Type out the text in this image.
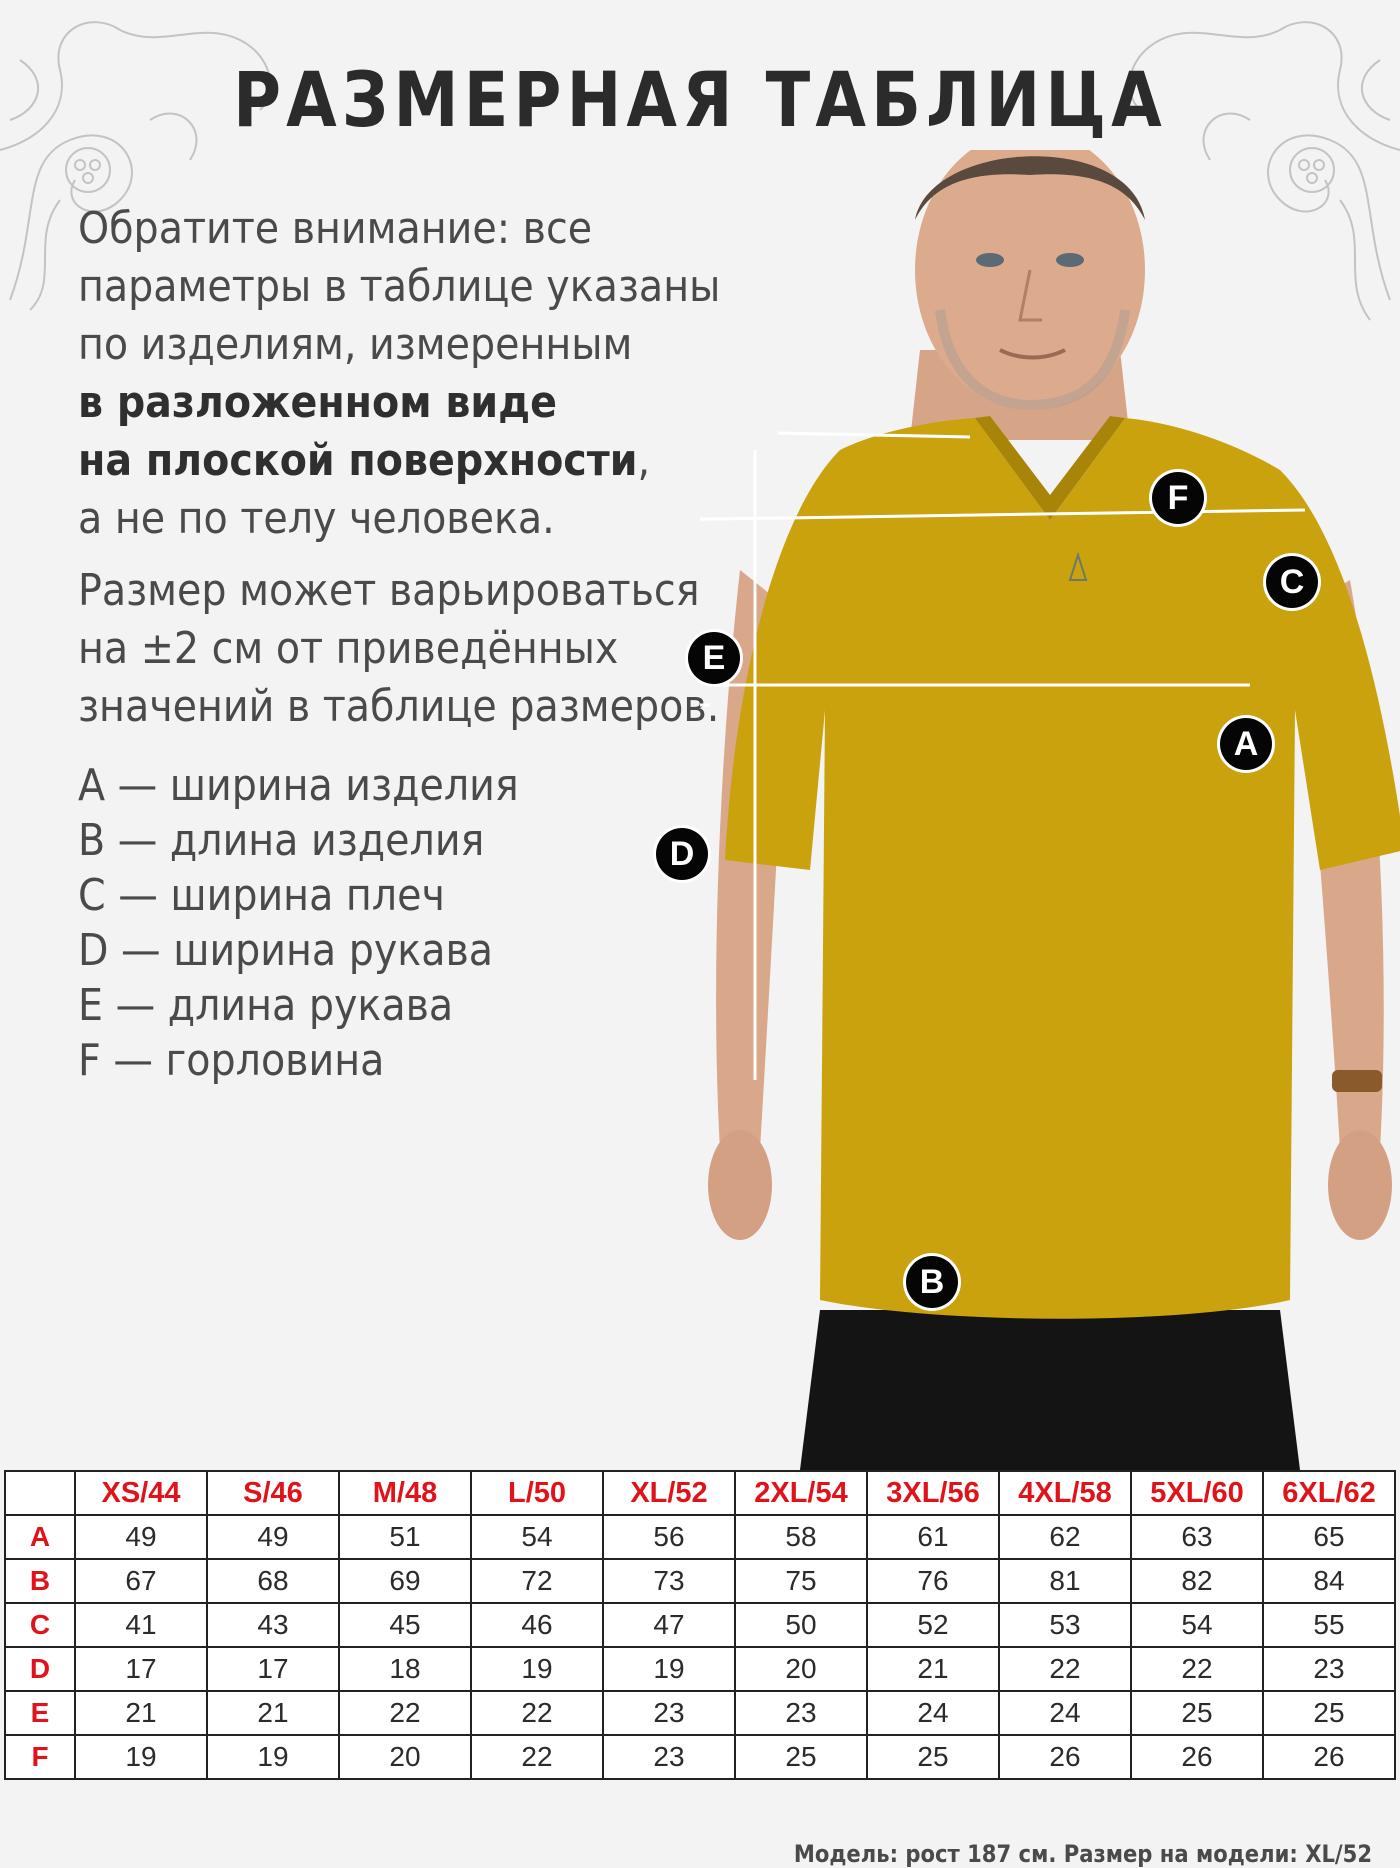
РАЗМЕРНАЯ ТАБЛИЦА

Обратите внимание: все

параметры в таблице указаны

по изделиям, измеренным

в разложенном виде

на плоской поверхности,

а не по телу человека.

Размер может варьироваться

на ±2 см от приведённых

значений в таблице размеров.

A — ширина изделия

B — длина изделия

C — ширина плеч

D — ширина рукава

E — длина рукава

F — горловина

F
C
E
A
D
B
	XS/44	S/46	M/48	L/50	XL/52	2XL/54	3XL/56	4XL/58	5XL/60	6XL/62
A	49	49	51	54	56	58	61	62	63	65
B	67	68	69	72	73	75	76	81	82	84
C	41	43	45	46	47	50	52	53	54	55
D	17	17	18	19	19	20	21	22	22	23
E	21	21	22	22	23	23	24	24	25	25
F	19	19	20	22	23	25	25	26	26	26
Модель: рост 187 см. Размер на модели: XL/52
